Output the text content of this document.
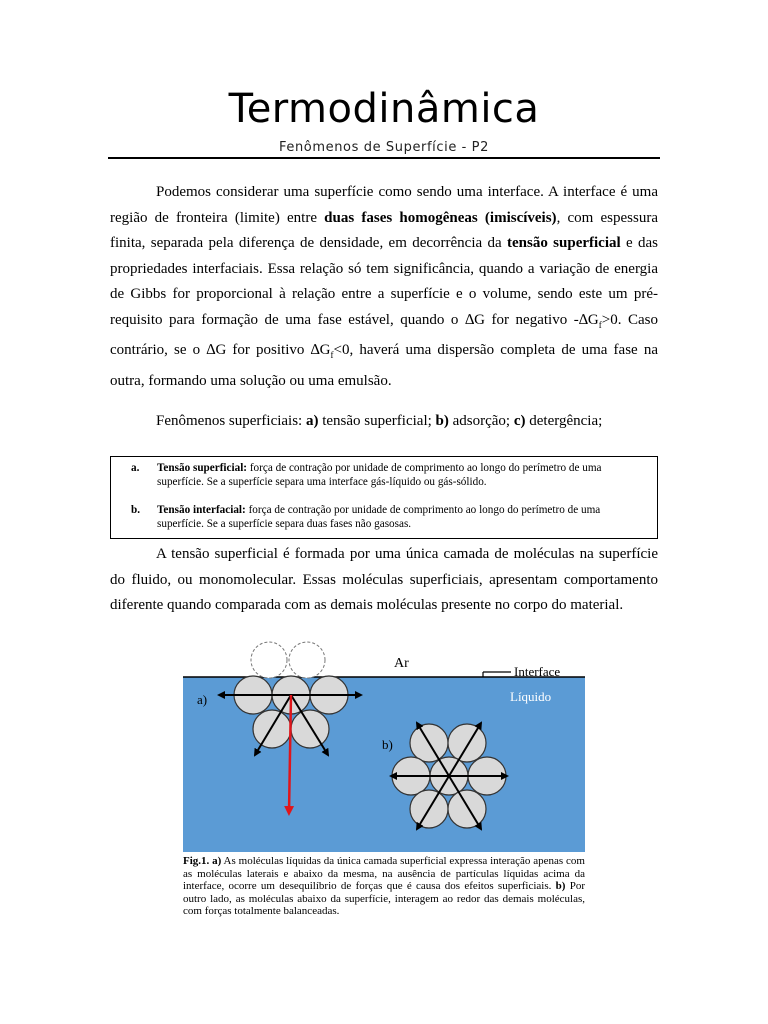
Termodinâmica
Fenômenos de Superfície - P2

Podemos considerar uma superfície como sendo uma interface. A interface é uma região de fronteira (limite) entre duas fases homogêneas (imiscíveis), com espessura finita, separada pela diferença de densidade, em decorrência da tensão superficial e das propriedades interfaciais. Essa relação só tem significância, quando a variação de energia de Gibbs for proporcional à relação entre a superfície e o volume, sendo este um pré-requisito para formação de uma fase estável, quando o ∆G for negativo $-\Delta G_f>0$. Caso contrário, se o ∆G for positivo $\Delta G_f<0$, haverá uma dispersão completa de uma fase na outra, formando uma solução ou uma emulsão.

Fenômenos superficiais: a) tensão superficial; b) adsorção; c) detergência;

a.	Tensão superficial: força de contração por unidade de comprimento ao longo do perímetro de uma superfície. Se a superfície separa uma interface gás-líquido ou gás-sólido.
b.	Tensão interfacial: força de contração por unidade de comprimento ao longo do perímetro de uma superfície. Se a superfície separa duas fases não gasosas.

A tensão superficial é formada por uma única camada de moléculas na superfície do fluido, ou monomolecular. Essas moléculas superficiais, apresentam comportamento diferente quando comparada com as demais moléculas presente no corpo do material.

Ar
Interface
Líquido
a)
b)

Fig.1. a) As moléculas líquidas da única camada superficial expressa interação apenas com as moléculas laterais e abaixo da mesma, na ausência de partículas líquidas acima da interface, ocorre um desequilíbrio de forças que é causa dos efeitos superficiais. b) Por outro lado, as moléculas abaixo da superfície, interagem ao redor das demais moléculas, com forças totalmente balanceadas.
